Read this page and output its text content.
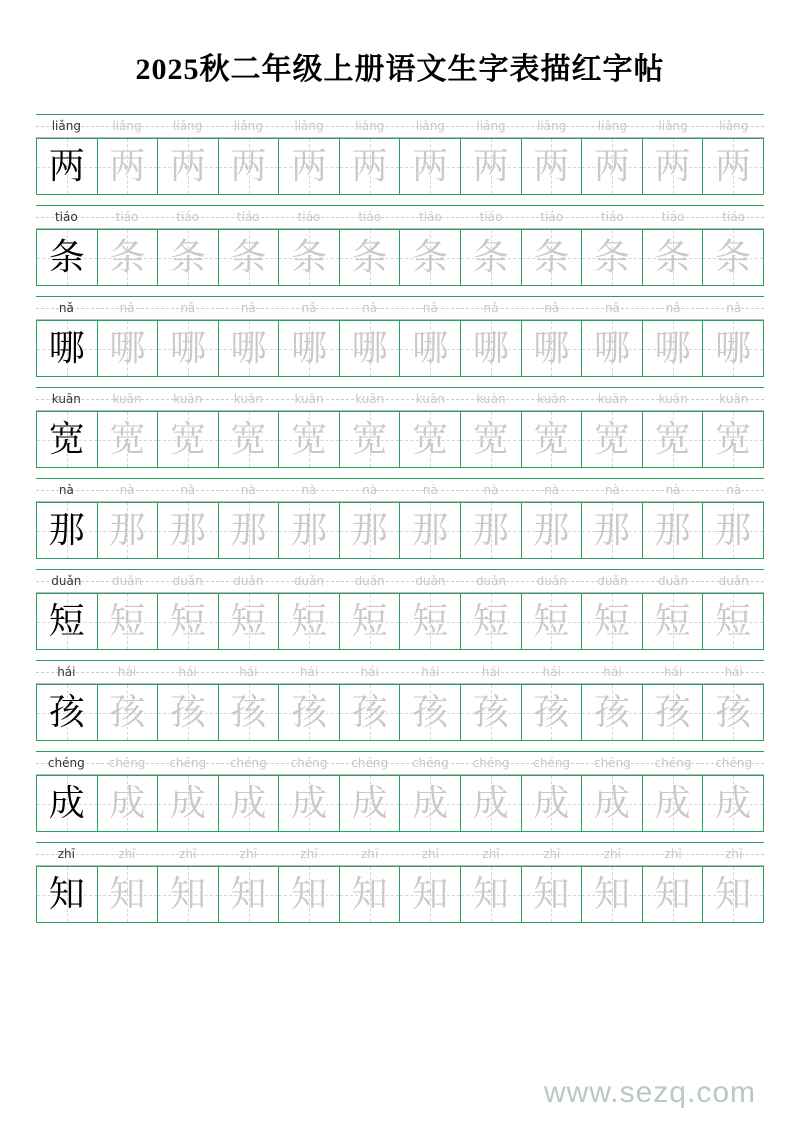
2025秋二年级上册语文生字表描红字帖
liǎng	liǎng	liǎng	liǎng	liǎng	liǎng	liǎng	liǎng	liǎng	liǎng	liǎng	liǎng
两 两 两 两 两 两 两 两 两 两 两 两
tiáo	tiáo	tiáo	tiáo	tiáo	tiáo	tiáo	tiáo	tiáo	tiáo	tiáo	tiáo
条 条 条 条 条 条 条 条 条 条 条 条
nǎ	nǎ	nǎ	nǎ	nǎ	nǎ	nǎ	nǎ	nǎ	nǎ	nǎ	nǎ
哪 哪 哪 哪 哪 哪 哪 哪 哪 哪 哪 哪
kuān	kuān	kuān	kuān	kuān	kuān	kuān	kuān	kuān	kuān	kuān	kuān
宽 宽 宽 宽 宽 宽 宽 宽 宽 宽 宽 宽
nà	nà	nà	nà	nà	nà	nà	nà	nà	nà	nà	nà
那 那 那 那 那 那 那 那 那 那 那 那
duǎn	duǎn	duǎn	duǎn	duǎn	duǎn	duǎn	duǎn	duǎn	duǎn	duǎn	duǎn
短 短 短 短 短 短 短 短 短 短 短 短
hái	hái	hái	hái	hái	hái	hái	hái	hái	hái	hái	hái
孩 孩 孩 孩 孩 孩 孩 孩 孩 孩 孩 孩
chéng	chéng	chéng	chéng	chéng	chéng	chéng	chéng	chéng	chéng	chéng	chéng
成 成 成 成 成 成 成 成 成 成 成 成
zhī	zhī	zhī	zhī	zhī	zhī	zhī	zhī	zhī	zhī	zhī	zhī
知 知 知 知 知 知 知 知 知 知 知 知
www.sezq.com
